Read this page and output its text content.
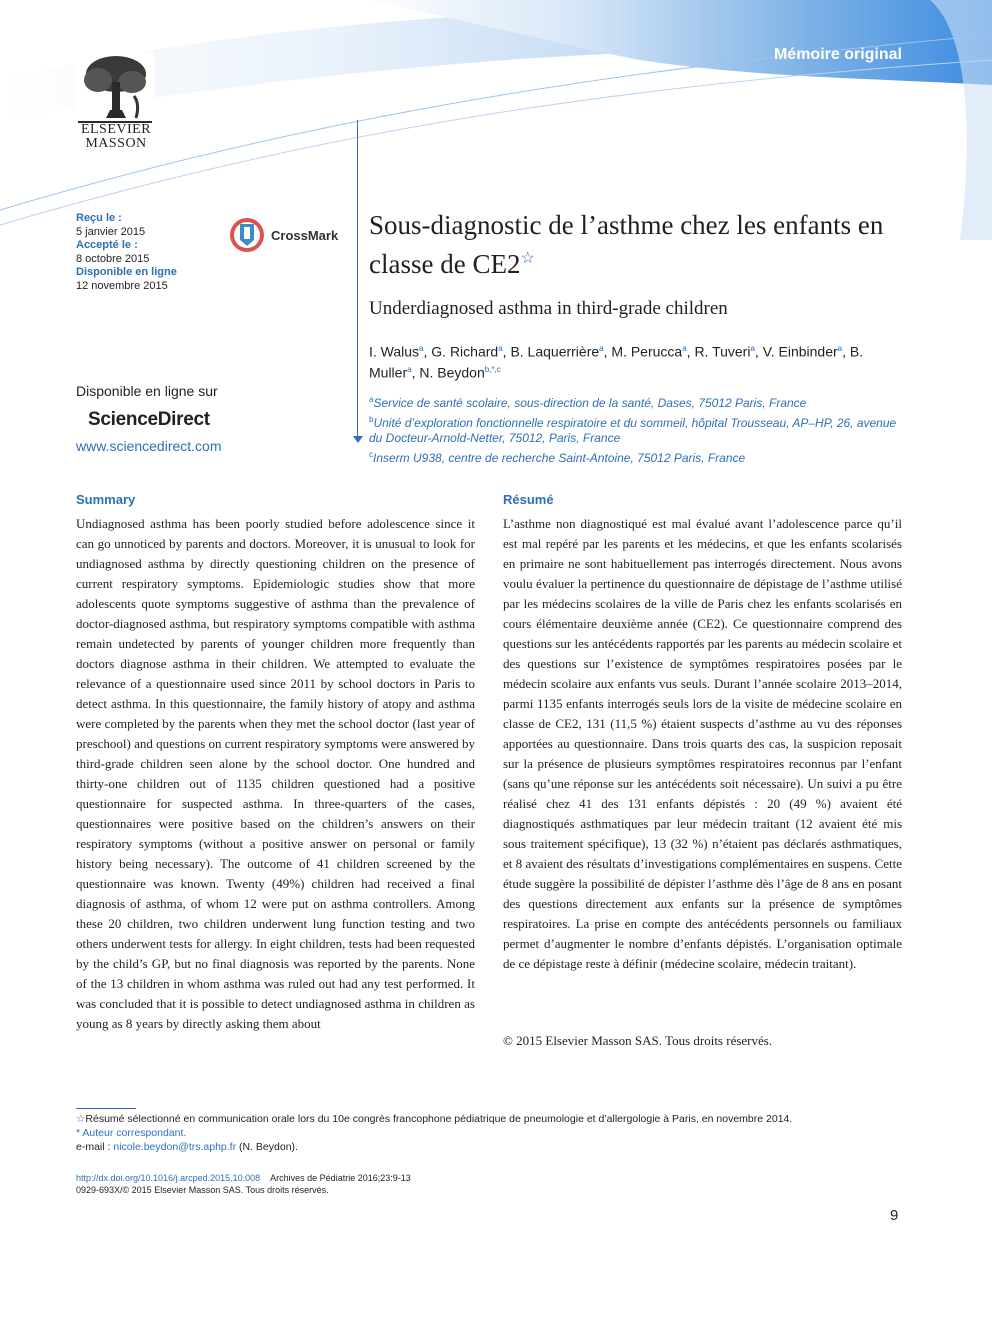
Mémoire original
ELSEVIER
MASSON
Reçu le :
5 janvier 2015
Accepté le :
8 octobre 2015
Disponible en ligne
12 novembre 2015
CrossMark
Disponible en ligne sur
ScienceDirect
www.sciencedirect.com
Sous-diagnostic de l’asthme chez les enfants en classe de CE2☆
Underdiagnosed asthma in third-grade children
I. Walus$^a$, G. Richard$^a$, B. Laquerrière$^a$, M. Perucca$^a$, R. Tuveri$^a$, V. Einbinder$^a$, B. Muller$^a$, N. Beydon$^{b,*,c}$
$^a$Service de santé scolaire, sous-direction de la santé, Dases, 75012 Paris, France
$^b$Unité d’exploration fonctionnelle respiratoire et du sommeil, hôpital Trousseau, AP–HP, 26, avenue du Docteur-Arnold-Netter, 75012, Paris, France
$^c$Inserm U938, centre de recherche Saint-Antoine, 75012 Paris, France
Summary

Undiagnosed asthma has been poorly studied before adolescence since it can go unnoticed by parents and doctors. Moreover, it is unusual to look for undiagnosed asthma by directly questioning children on the presence of current respiratory symptoms. Epidemiologic studies show that more adolescents quote symptoms suggestive of asthma than the prevalence of doctor-diagnosed asthma, but respiratory symptoms compatible with asthma remain undetected by parents of younger children more frequently than doctors diagnose asthma in their children. We attempted to evaluate the relevance of a questionnaire used since 2011 by school doctors in Paris to detect asthma. In this questionnaire, the family history of atopy and asthma were completed by the parents when they met the school doctor (last year of preschool) and questions on current respiratory symptoms were answered by third-grade children seen alone by the school doctor. One hundred and thirty-one children out of 1135 children questioned had a positive questionnaire for suspected asthma. In three-quarters of the cases, questionnaires were positive based on the children’s answers on their respiratory symptoms (without a positive answer on personal or family history being necessary). The outcome of 41 children screened by the questionnaire was known. Twenty (49%) children had received a final diagnosis of asthma, of whom 12 were put on asthma controllers. Among these 20 children, two children underwent lung function testing and two others underwent tests for allergy. In eight children, tests had been requested by the child’s GP, but no final diagnosis was reported by the parents. None of the 13 children in whom asthma was ruled out had any test performed. It was concluded that it is possible to detect undiagnosed asthma in children as young as 8 years by directly asking them about

Résumé

L’asthme non diagnostiqué est mal évalué avant l’adolescence parce qu’il est mal repéré par les parents et les médecins, et que les enfants scolarisés en primaire ne sont habituellement pas interrogés directement. Nous avons voulu évaluer la pertinence du questionnaire de dépistage de l’asthme utilisé par les médecins scolaires de la ville de Paris chez les enfants scolarisés en cours élémentaire deuxième année (CE2). Ce questionnaire comprend des questions sur les antécédents rapportés par les parents au médecin scolaire et des questions sur l’existence de symptômes respiratoires posées par le médecin scolaire aux enfants vus seuls. Durant l’année scolaire 2013–2014, parmi 1135 enfants interrogés seuls lors de la visite de médecine scolaire en classe de CE2, 131 (11,5 %) étaient suspects d’asthme au vu des réponses apportées au questionnaire. Dans trois quarts des cas, la suspicion reposait sur la présence de plusieurs symptômes respiratoires reconnus par l’enfant (sans qu’une réponse sur les antécédents soit nécessaire). Un suivi a pu être réalisé chez 41 des 131 enfants dépistés : 20 (49 %) avaient été diagnostiqués asthmatiques par leur médecin traitant (12 avaient été mis sous traitement spécifique), 13 (32 %) n’étaient pas déclarés asthmatiques, et 8 avaient des résultats d’investigations complémentaires en suspens. Cette étude suggère la possibilité de dépister l’asthme dès l’âge de 8 ans en posant des questions directement aux enfants sur la présence de symptômes respiratoires. La prise en compte des antécédents personnels ou familiaux permet d’augmenter le nombre d’enfants dépistés. L’organisation optimale de ce dépistage reste à définir (médecine scolaire, médecin traitant).

© 2015 Elsevier Masson SAS. Tous droits réservés.
☆Résumé sélectionné en communication orale lors du 10e congrès francophone pédiatrique de pneumologie et d’allergologie à Paris, en novembre 2014.
* Auteur correspondant.
e-mail : nicole.beydon@trs.aphp.fr (N. Beydon).
http://dx.doi.org/10.1016/j.arcped.2015.10.008 Archives de Pédiatrie 2016;23:9-13
0929-693X/© 2015 Elsevier Masson SAS. Tous droits réservés.
9
